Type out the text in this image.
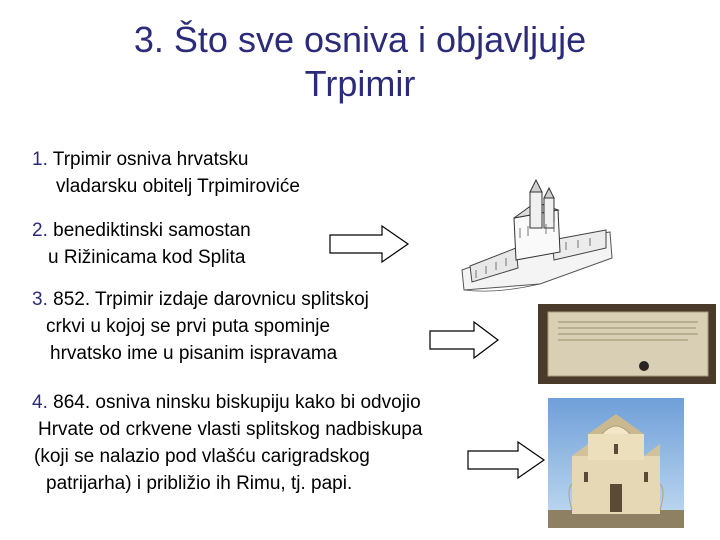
3. Što sve osniva i objavljuje
Trpimir
1. Trpimir osniva hrvatsku
vladarsku obitelj Trpimiroviće
2. benediktinski samostan
u Rižinicama kod Splita
3. 852. Trpimir izdaje darovnicu splitskoj
crkvi u kojoj se prvi puta spominje
hrvatsko ime u pisanim ispravama
4. 864. osniva ninsku biskupiju kako bi odvojio
Hrvate od crkvene vlasti splitskog nadbiskupa
(koji se nalazio pod vlašću carigradskog
patrijarha) i približio ih Rimu, tj. papi.
